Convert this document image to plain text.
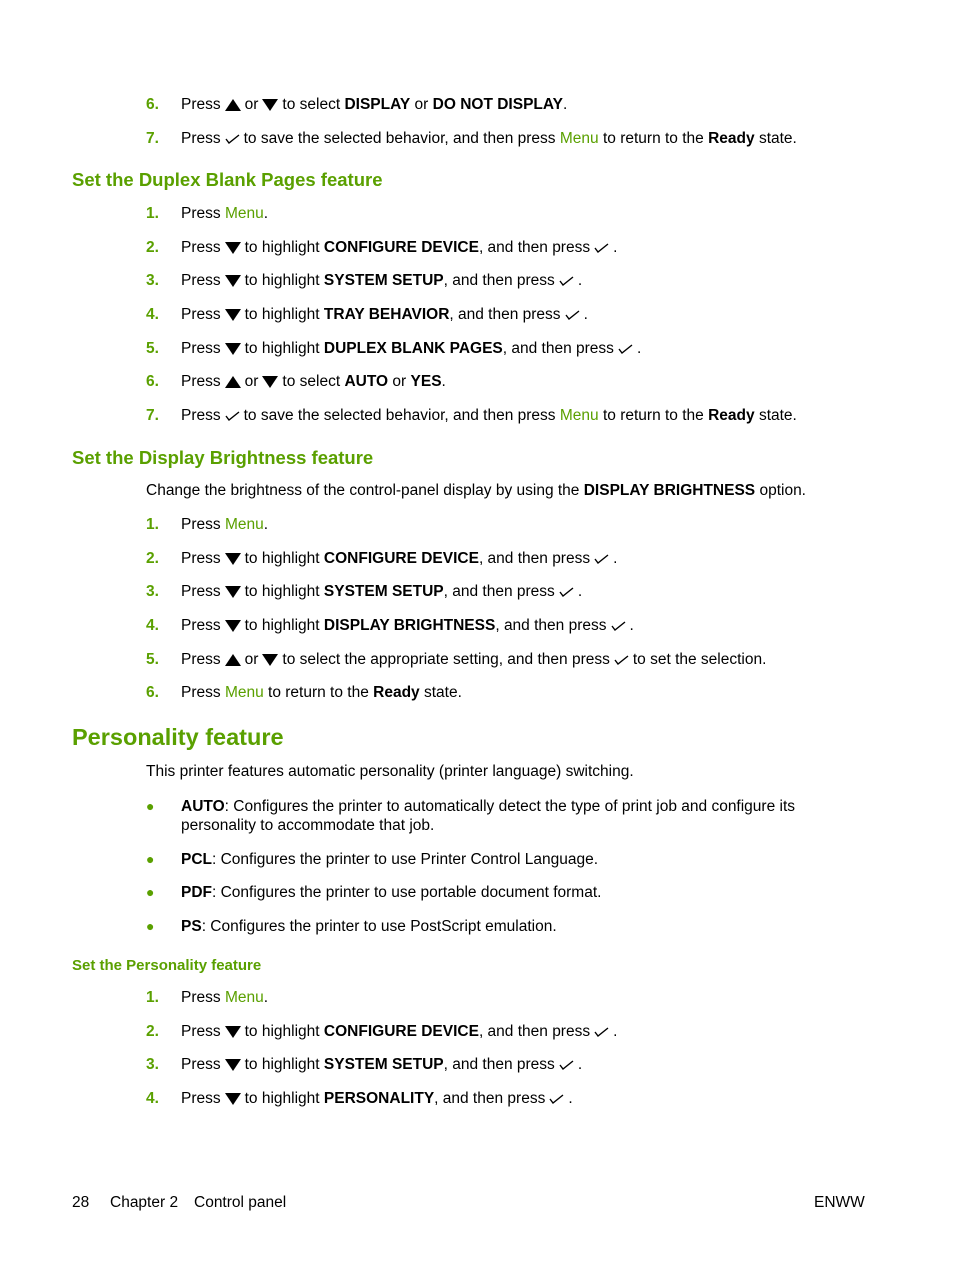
6. Press or to select DISPLAY or DO NOT DISPLAY.
7. Press to save the selected behavior, and then press Menu to return to the Ready state.
Set the Duplex Blank Pages feature
1. Press Menu.
2. Press to highlight CONFIGURE DEVICE, and then press .
3. Press to highlight SYSTEM SETUP, and then press .
4. Press to highlight TRAY BEHAVIOR, and then press .
5. Press to highlight DUPLEX BLANK PAGES, and then press .
6. Press or to select AUTO or YES.
7. Press to save the selected behavior, and then press Menu to return to the Ready state.
Set the Display Brightness feature
Change the brightness of the control-panel display by using the DISPLAY BRIGHTNESS option.
1. Press Menu.
2. Press to highlight CONFIGURE DEVICE, and then press .
3. Press to highlight SYSTEM SETUP, and then press .
4. Press to highlight DISPLAY BRIGHTNESS, and then press .
5. Press or to select the appropriate setting, and then press to set the selection.
6. Press Menu to return to the Ready state.
Personality feature
This printer features automatic personality (printer language) switching.
● AUTO: Configures the printer to automatically detect the type of print job and configure its personality to accommodate that job.
● PCL: Configures the printer to use Printer Control Language.
● PDF: Configures the printer to use portable document format.
● PS: Configures the printer to use PostScript emulation.
Set the Personality feature
1. Press Menu.
2. Press to highlight CONFIGURE DEVICE, and then press .
3. Press to highlight SYSTEM SETUP, and then press .
4. Press to highlight PERSONALITY, and then press .
28 Chapter 2 Control panel	ENWW
